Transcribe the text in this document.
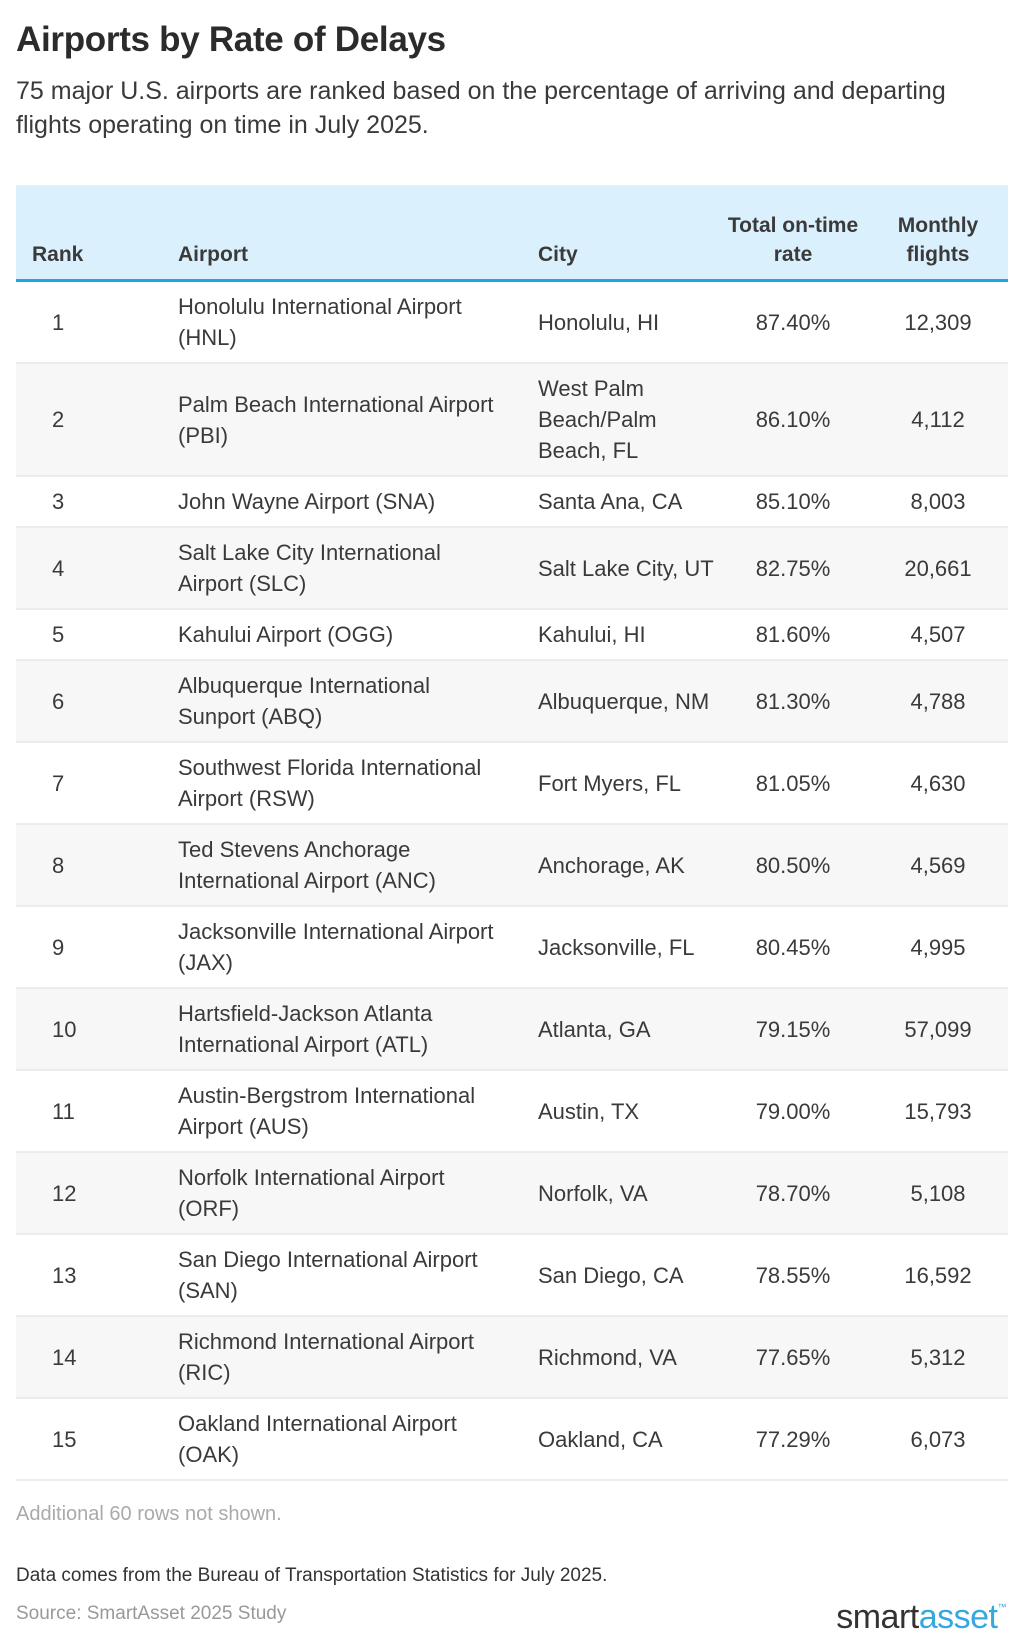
Airports by Rate of Delays

75 major U.S. airports are ranked based on the percentage of arriving and departing flights operating on time in July 2025.

Rank	Airport	City	Total on-time rate	Monthly flights
1	Honolulu International Airport (HNL)	Honolulu, HI	87.40%	12,309
2	Palm Beach International Airport (PBI)	West Palm Beach/Palm Beach, FL	86.10%	4,112
3	John Wayne Airport (SNA)	Santa Ana, CA	85.10%	8,003
4	Salt Lake City International Airport (SLC)	Salt Lake City, UT	82.75%	20,661
5	Kahului Airport (OGG)	Kahului, HI	81.60%	4,507
6	Albuquerque International Sunport (ABQ)	Albuquerque, NM	81.30%	4,788
7	Southwest Florida International Airport (RSW)	Fort Myers, FL	81.05%	4,630
8	Ted Stevens Anchorage International Airport (ANC)	Anchorage, AK	80.50%	4,569
9	Jacksonville International Airport (JAX)	Jacksonville, FL	80.45%	4,995
10	Hartsfield-Jackson Atlanta International Airport (ATL)	Atlanta, GA	79.15%	57,099
11	Austin-Bergstrom International Airport (AUS)	Austin, TX	79.00%	15,793
12	Norfolk International Airport (ORF)	Norfolk, VA	78.70%	5,108
13	San Diego International Airport (SAN)	San Diego, CA	78.55%	16,592
14	Richmond International Airport (RIC)	Richmond, VA	77.65%	5,312
15	Oakland International Airport (OAK)	Oakland, CA	77.29%	6,073
Additional 60 rows not shown.
Data comes from the Bureau of Transportation Statistics for July 2025.
Source: SmartAsset 2025 Study	smartasset™
